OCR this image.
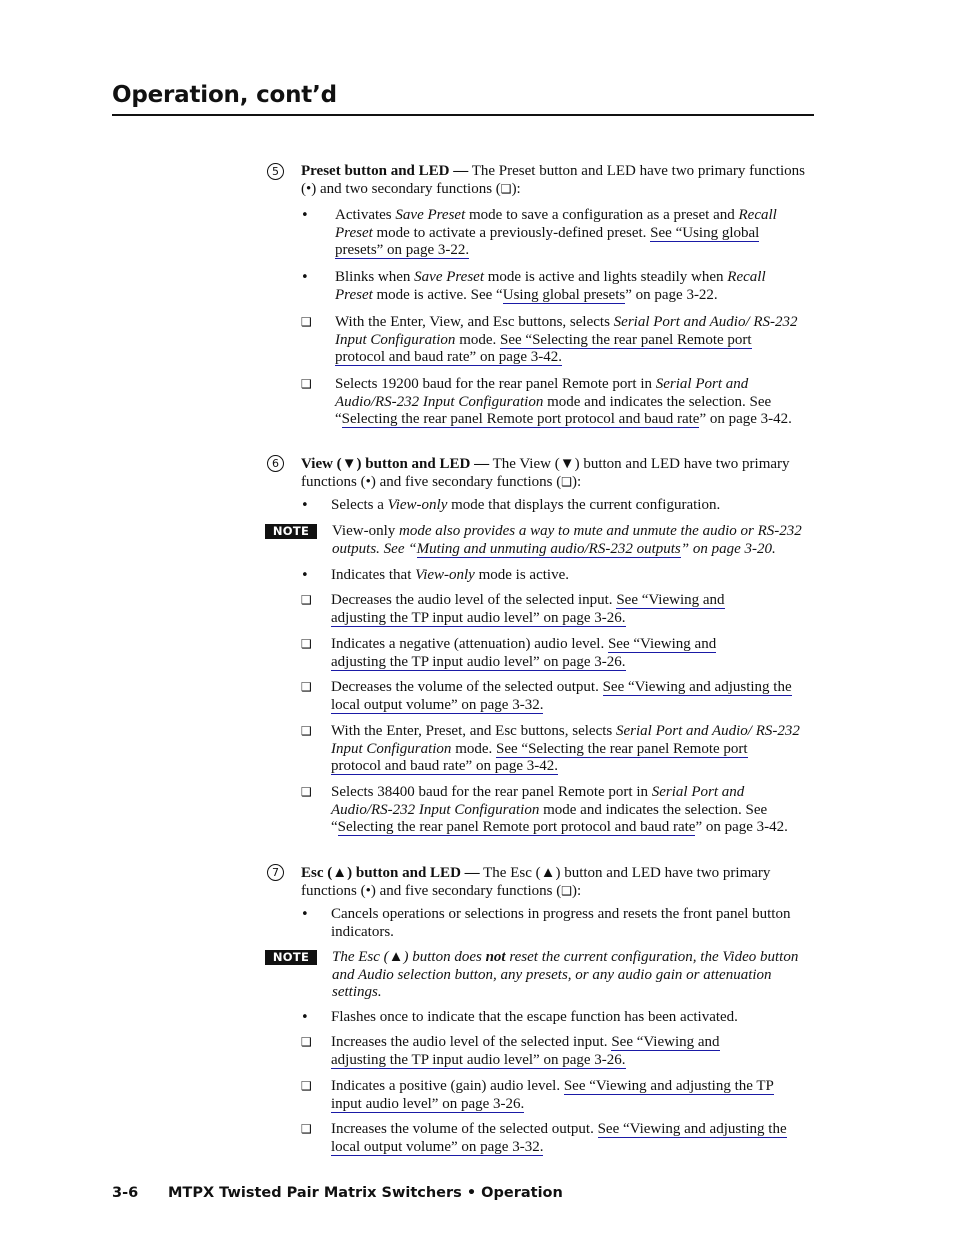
Operation, cont’d
5	Preset button and LED — The Preset button and LED have two primary functions (•) and two secondary functions (❑):
• Activates Save Preset mode to save a configuration as a preset and Recall Preset mode to activate a previously-defined preset. See “Using global presets” on page 3-22.
• Blinks when Save Preset mode is active and lights steadily when Recall Preset mode is active. See “Using global presets” on page 3-22.
❑ With the Enter, View, and Esc buttons, selects Serial Port and Audio/ RS-232 Input Configuration mode. See “Selecting the rear panel Remote port protocol and baud rate” on page 3-42.
❑ Selects 19200 baud for the rear panel Remote port in Serial Port and Audio/RS-232 Input Configuration mode and indicates the selection. See “Selecting the rear panel Remote port protocol and baud rate” on page 3-42.
6	View (▼) button and LED — The View (▼) button and LED have two primary functions (•) and five secondary functions (❑):
• Selects a View-only mode that displays the current configuration.
NOTE	View-only mode also provides a way to mute and unmute the audio or RS-232 outputs. See “Muting and unmuting audio/RS-232 outputs” on page 3-20.
• Indicates that View-only mode is active.
❑ Decreases the audio level of the selected input. See “Viewing and adjusting the TP input audio level” on page 3-26.
❑ Indicates a negative (attenuation) audio level. See “Viewing and adjusting the TP input audio level” on page 3-26.
❑ Decreases the volume of the selected output. See “Viewing and adjusting the local output volume” on page 3-32.
❑ With the Enter, Preset, and Esc buttons, selects Serial Port and Audio/ RS-232 Input Configuration mode. See “Selecting the rear panel Remote port protocol and baud rate” on page 3-42.
❑ Selects 38400 baud for the rear panel Remote port in Serial Port and Audio/RS-232 Input Configuration mode and indicates the selection. See “Selecting the rear panel Remote port protocol and baud rate” on page 3-42.
7	Esc (▲) button and LED — The Esc (▲) button and LED have two primary functions (•) and five secondary functions (❑):
• Cancels operations or selections in progress and resets the front panel button indicators.
NOTE	The Esc (▲) button does not reset the current configuration, the Video button and Audio selection button, any presets, or any audio gain or attenuation settings.
• Flashes once to indicate that the escape function has been activated.
❑ Increases the audio level of the selected input. See “Viewing and adjusting the TP input audio level” on page 3-26.
❑ Indicates a positive (gain) audio level. See “Viewing and adjusting the TP input audio level” on page 3-26.
❑ Increases the volume of the selected output. See “Viewing and adjusting the local output volume” on page 3-32.
3-6 MTPX Twisted Pair Matrix Switchers • Operation
